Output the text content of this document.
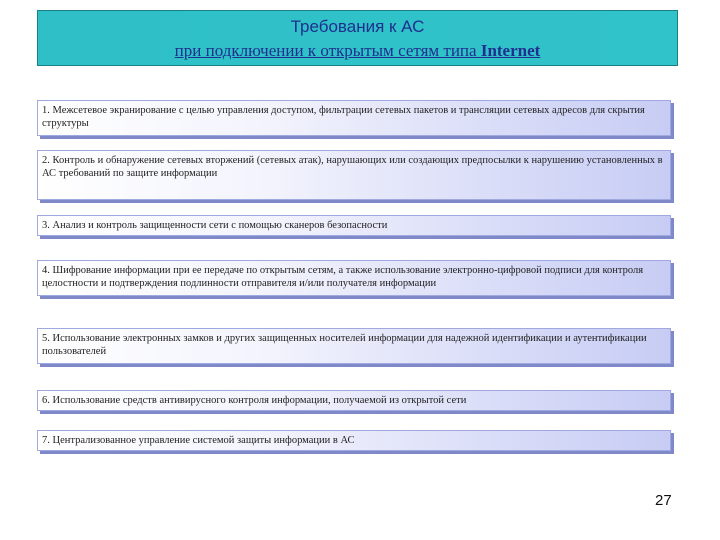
Требования к АС
при подключении к открытым сетям типа Internet
1. Межсетевое экранирование с целью управления доступом, фильтрации сетевых пакетов и трансляции сетевых адресов для скрытия структуры
2. Контроль и обнаружение сетевых вторжений (сетевых атак), нарушающих или создающих предпосылки к нарушению установленных в АС требований по защите информации
3. Анализ и контроль защищенности сети с помощью сканеров безопасности
4. Шифрование информации при ее передаче по открытым сетям, а также использование электронно-цифровой подписи для контроля целостности и подтверждения подлинности отправителя и/или получателя информации
5. Использование электронных замков и других защищенных носителей информации для надежной идентификации и аутентификации пользователей
6. Использование средств антивирусного контроля информации, получаемой из открытой сети
7. Централизованное управление системой защиты информации в АС
27
